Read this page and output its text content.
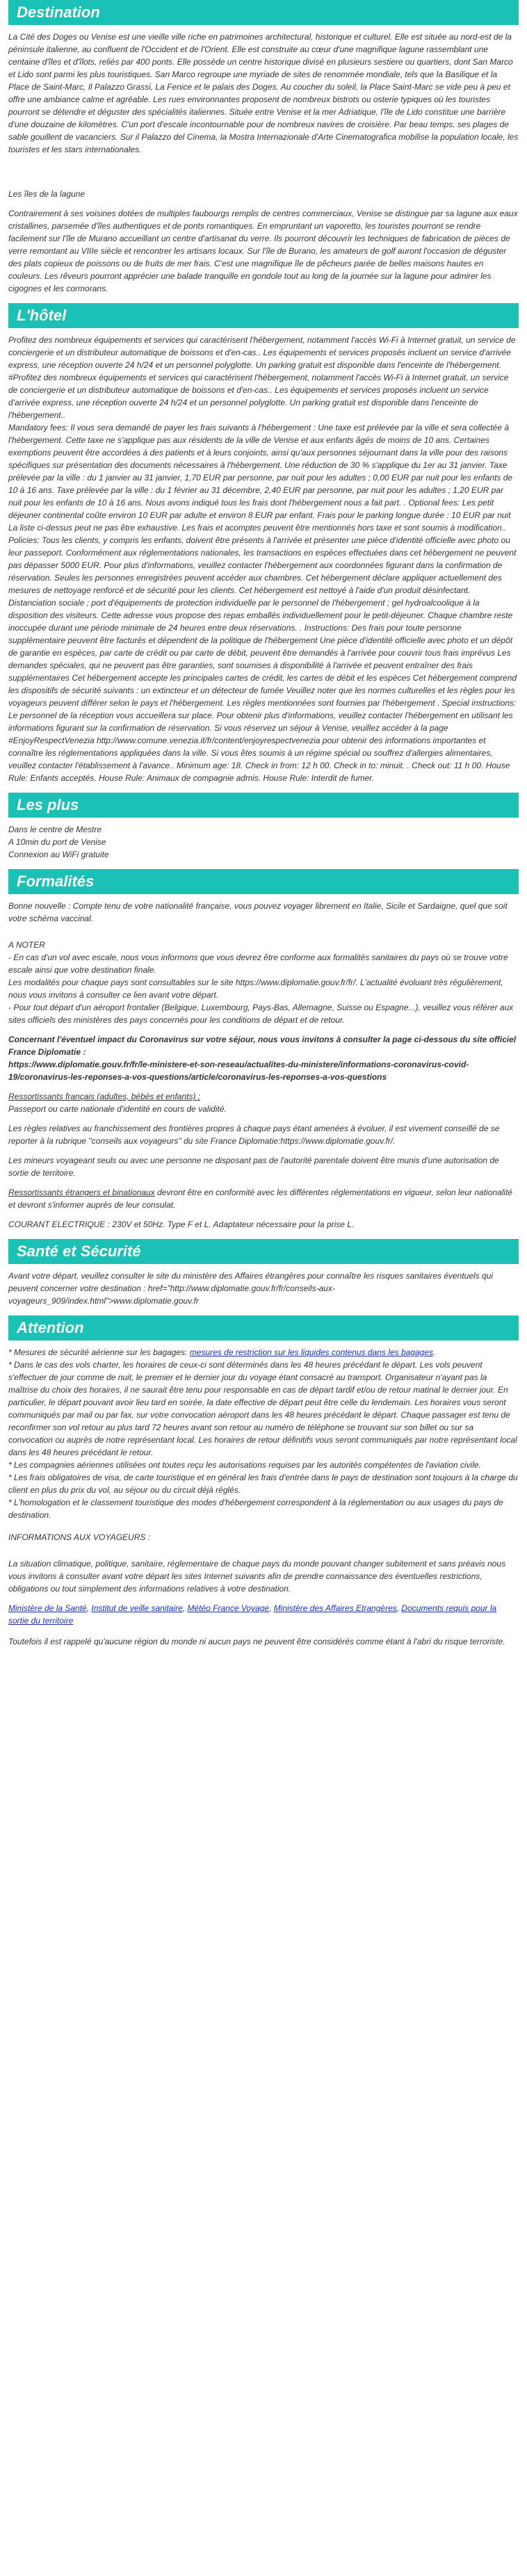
Destination

La Cité des Doges ou Venise est une vieille ville riche en patrimoines architectural, historique et culturel. Elle est située au nord-est de la péninsule italienne, au confluent de l'Occident et de l'Orient. Elle est construite au cœur d'une magnifique lagune rassemblant une centaine d'îles et d'îlots, reliés par 400 ponts. Elle possède un centre historique divisé en plusieurs sestiere ou quartiers, dont San Marco et Lido sont parmi les plus touristiques. San Marco regroupe une myriade de sites de renommée mondiale, tels que la Basilique et la Place de Saint-Marc, Il Palazzo Grassi, La Fenice et le palais des Doges. Au coucher du soleil, la Place Saint-Marc se vide peu à peu et offre une ambiance calme et agréable. Les rues environnantes proposent de nombreux bistrots ou osterie typiques où les touristes pourront se détendre et déguster des spécialités italiennes. Située entre Venise et la mer Adriatique, l'île de Lido constitue une barrière d'une douzaine de kilomètres. C'un port d'escale incontournable pour de nombreux navires de croisière. Par beau temps, ses plages de sable gouillent de vacanciers. Sur il Palazzo del Cinema, la Mostra Internazionale d'Arte Cinematografica mobilise la population locale, les touristes et les stars internationales.

Les îles de la lagune

Contrairement à ses voisines dotées de multiples faubourgs remplis de centres commerciaux, Venise se distingue par sa lagune aux eaux cristallines, parsemée d'îles authentiques et de ponts romantiques. En empruntant un vaporetto, les touristes pourront se rendre facilement sur l'île de Murano accueillant un centre d'artisanat du verre. Ils pourront découvrir les techniques de fabrication de pièces de verre remontant au VIIIe siècle et rencontrer les artisans locaux. Sur l'île de Burano, les amateurs de golf auront l'occasion de déguster des plats copieux de poissons ou de fruits de mer frais. C'est une magnifique île de pêcheurs parée de belles maisons hautes en couleurs. Les rêveurs pourront apprécier une balade tranquille en gondole tout au long de la journée sur la lagune pour admirer les cigognes et les cormorans.

L'hôtel

Profitez des nombreux équipements et services qui caractérisent l'hébergement, notamment l'accès Wi-Fi à Internet gratuit, un service de conciergerie et un distributeur automatique de boissons et d'en-cas.. Les équipements et services proposés incluent un service d'arrivée express, une réception ouverte 24 h/24 et un personnel polyglotte. Un parking gratuit est disponible dans l'enceinte de l'hébergement.

#Profitez des nombreux équipements et services qui caractérisent l'hébergement, notamment l'accès Wi-Fi à Internet gratuit, un service de conciergerie et un distributeur automatique de boissons et d'en-cas.. Les équipements et services proposés incluent un service d'arrivée express, une réception ouverte 24 h/24 et un personnel polyglotte. Un parking gratuit est disponible dans l'enceinte de l'hébergement..

Mandatory fees: Il vous sera demandé de payer les frais suivants à l'hébergement : Une taxe est prélevée par la ville et sera collectée à l'hébergement. Cette taxe ne s'applique pas aux résidents de la ville de Venise et aux enfants âgés de moins de 10 ans. Certaines exemptions peuvent être accordées à des patients et à leurs conjoints, ainsi qu'aux personnes séjournant dans la ville pour des raisons spécifiques sur présentation des documents nécessaires à l'hébergement. Une réduction de 30 % s'applique du 1er au 31 janvier. Taxe prélevée par la ville : du 1 janvier au 31 janvier, 1,70 EUR par personne, par nuit pour les adultes ; 0,00 EUR par nuit pour les enfants de 10 à 16 ans. Taxe prélevée par la ville : du 1 février au 31 décembre, 2,40 EUR par personne, par nuit pour les adultes ; 1,20 EUR par nuit pour les enfants de 10 à 16 ans. Nous avons indiqué tous les frais dont l'hébergement nous a fait part. . Optional fees: Les petit déjeuner continental coûte environ 10 EUR par adulte et environ 8 EUR par enfant. Frais pour le parking longue durée : 10 EUR par nuit La liste ci-dessus peut ne pas être exhaustive. Les frais et acomptes peuvent être mentionnés hors taxe et sont soumis à modification.. Policies: Tous les clients, y compris les enfants, doivent être présents à l'arrivée et présenter une pièce d'identité officielle avec photo ou leur passeport. Conformément aux réglementations nationales, les transactions en espèces effectuées dans cet hébergement ne peuvent pas dépasser 5000 EUR. Pour plus d'informations, veuillez contacter l'hébergement aux coordonnées figurant dans la confirmation de réservation. Seules les personnes enregistrées peuvent accéder aux chambres. Cet hébergement déclare appliquer actuellement des mesures de nettoyage renforcé et de sécurité pour les clients. Cet hébergement est nettoyé à l'aide d'un produit désinfectant. Distanciation sociale ; port d'équipements de protection individuelle par le personnel de l'hébergement ; gel hydroalcoolique à la disposition des visiteurs. Cette adresse vous propose des repas emballés individuellement pour le petit-déjeuner. Chaque chambre reste inoccupée durant une période minimale de 24 heures entre deux réservations. . Instructions: Des frais pour toute personne supplémentaire peuvent être facturés et dépendent de la politique de l'hébergement Une pièce d'identité officielle avec photo et un dépôt de garantie en espèces, par carte de crédit ou par carte de débit, peuvent être demandés à l'arrivée pour couvrir tous frais imprévus Les demandes spéciales, qui ne peuvent pas être garanties, sont soumises à disponibilité à l'arrivée et peuvent entraîner des frais supplémentaires Cet hébergement accepte les principales cartes de crédit, les cartes de débit et les espèces Cet hébergement comprend les dispositifs de sécurité suivants : un extincteur et un détecteur de fumée Veuillez noter que les normes culturelles et les règles pour les voyageurs peuvent différer selon le pays et l'hébergement. Les règles mentionnées sont fournies par l'hébergement . Special instructions: Le personnel de la réception vous accueillera sur place. Pour obtenir plus d'informations, veuillez contacter l'hébergement en utilisant les informations figurant sur la confirmation de réservation. Si vous réservez un séjour à Venise, veuillez accéder à la page #EnjoyRespectVenezia http://www.comune.venezia.it/fr/content/enjoyrespectvenezia pour obtenir des informations importantes et connaître les réglementations appliquées dans la ville. Si vous êtes soumis à un régime spécial ou souffrez d'allergies alimentaires, veuillez contacter l'établissement à l'avance.. Minimum age: 18. Check in from: 12 h 00. Check in to: minuit. . Check out: 11 h 00. House Rule: Enfants acceptés. House Rule: Animaux de compagnie admis. House Rule: Interdit de fumer.

Les plus

Dans le centre de Mestre
A 10min du port de Venise
Connexion au WiFi gratuite

Formalités

Bonne nouvelle : Compte tenu de votre nationalité française, vous pouvez voyager librement en Italie, Sicile et Sardaigne, quel que soit votre schéma vaccinal.

A NOTER
- En cas d'un vol avec escale, nous vous informons que vous devrez être conforme aux formalités sanitaires du pays où se trouve votre escale ainsi que votre destination finale.
Les modalités pour chaque pays sont consultables sur le site https://www.diplomatie.gouv.fr/fr/. L'actualité évoluant très régulièrement, nous vous invitons à consulter ce lien avant votre départ.
- Pour tout départ d'un aéroport frontalier (Belgique, Luxembourg, Pays-Bas, Allemagne, Suisse ou Espagne...), veuillez vous référer aux sites officiels des ministères des pays concernés pour les conditions de départ et de retour.

Concernant l'éventuel impact du Coronavirus sur votre séjour, nous vous invitons à consulter la page ci-dessous du site officiel France Diplomatie :
https://www.diplomatie.gouv.fr/fr/le-ministere-et-son-reseau/actualites-du-ministere/informations-coronavirus-covid-19/coronavirus-les-reponses-a-vos-questions/article/coronavirus-les-reponses-a-vos-questions

Ressortissants français (adultes, bébés et enfants) :
Passeport ou carte nationale d'identité en cours de validité.

Les règles relatives au franchissement des frontières propres à chaque pays étant amenées à évoluer, il est vivement conseillé de se reporter à la rubrique "conseils aux voyageurs" du site France Diplomatie:https://www.diplomatie.gouv.fr/.

Les mineurs voyageant seuls ou avec une personne ne disposant pas de l'autorité parentale doivent être munis d'une autorisation de sortie de territoire.

Ressortissants étrangers et binationaux devront être en conformité avec les différentes réglementations en vigueur, selon leur nationalité et devront s'informer auprès de leur consulat.

COURANT ELECTRIQUE : 230V et 50Hz. Type F et L. Adaptateur nécessaire pour la prise L.

Santé et Sécurité

Avant votre départ, veuillez consulter le site du ministère des Affaires étrangères pour connaître les risques sanitaires éventuels qui peuvent concerner votre destination : href="http://www.diplomatie.gouv.fr/fr/conseils-aux-voyageurs_909/index.html">www.diplomatie.gouv.fr

Attention

* Mesures de sécurité aérienne sur les bagages: mesures de restriction sur les liquides contenus dans les bagages.
* Dans le cas des vols charter, les horaires de ceux-ci sont déterminés dans les 48 heures précédant le départ. Les vols peuvent s'effectuer de jour comme de nuit, le premier et le dernier jour du voyage étant consacré au transport. Organisateur n'ayant pas la maîtrise du choix des horaires, il ne saurait être tenu pour responsable en cas de départ tardif et/ou de retour matinal le dernier jour. En particulier, le départ pouvant avoir lieu tard en soirée, la date effective de départ peut être celle du lendemain. Les horaires vous seront communiqués par mail ou par fax, sur votre convocation aéroport dans les 48 heures précédant le départ. Chaque passager est tenu de reconfirmer son vol retour au plus tard 72 heures avant son retour au numéro de téléphone se trouvant sur son billet ou sur sa convocation ou auprès de notre représentant local. Les horaires de retour définitifs vous seront communiqués par notre représentant local dans les 48 heures précédant le retour.
* Les compagnies aériennes utilisées ont toutes reçu les autorisations requises par les autorités compétentes de l'aviation civile.
* Les frais obligatoires de visa, de carte touristique et en général les frais d'entrée dans le pays de destination sont toujours à la charge du client en plus du prix du vol, au séjour ou du circuit déjà réglés.
* L'homologation et le classement touristique des modes d'hébergement correspondent à la réglementation ou aux usages du pays de destination.

INFORMATIONS AUX VOYAGEURS :

La situation climatique, politique, sanitaire, réglementaire de chaque pays du monde pouvant changer subitement et sans préavis nous vous invitons à consulter avant votre départ les sites Internet suivants afin de prendre connaissance des éventuelles restrictions, obligations ou tout simplement des informations relatives à votre destination.

Ministère de la Santé, Institut de veille sanitaire, Météo France Voyage, Ministère des Affaires Etrangères, Documents requis pour la sortie du territoire

Toutefois il est rappelé qu'aucune région du monde ni aucun pays ne peuvent être considérés comme étant à l'abri du risque terroriste.
